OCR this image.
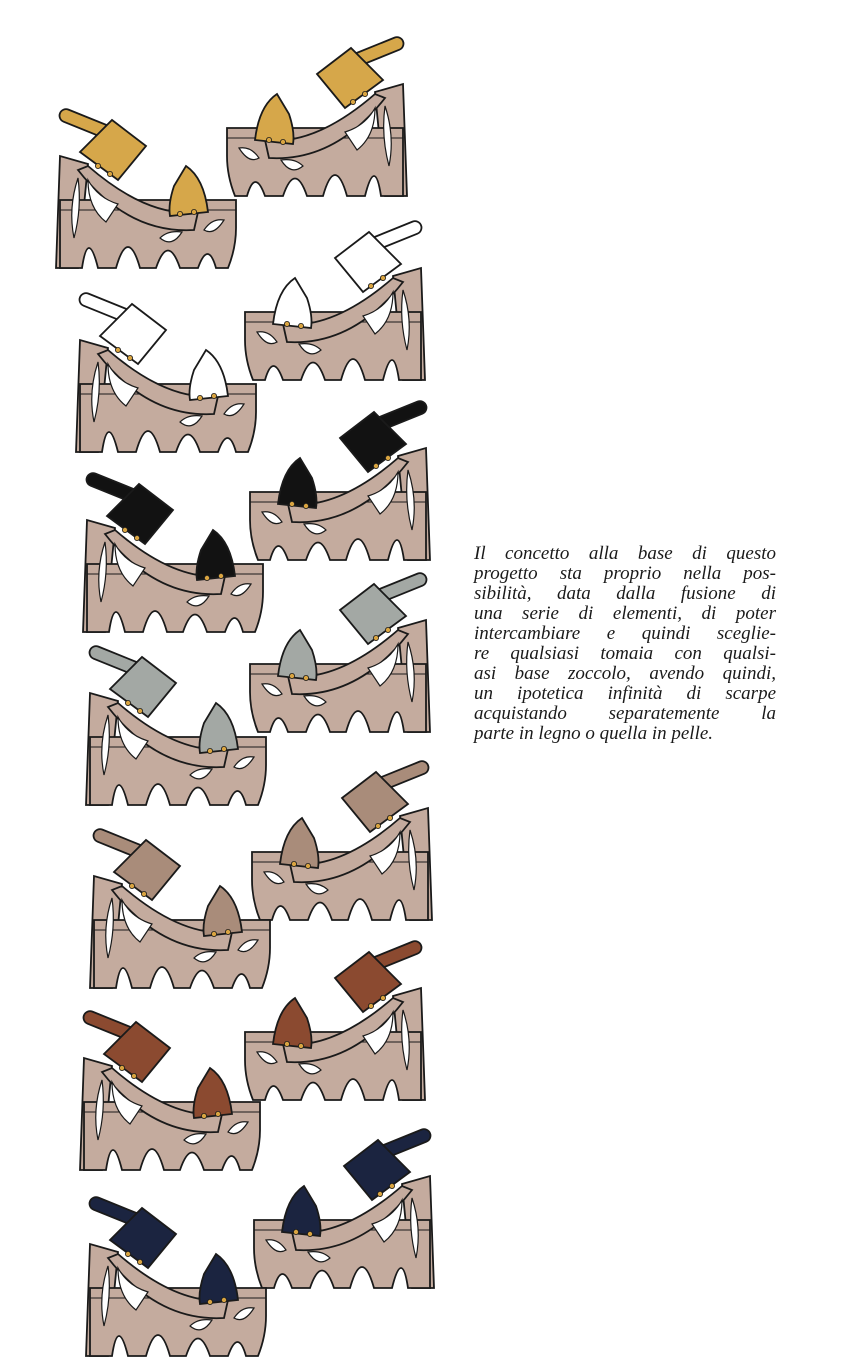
Il concetto alla base di questo
progetto sta proprio nella pos-
sibilità, data dalla fusione di
una serie di elementi, di poter
intercambiare e quindi sceglie-
re qualsiasi tomaia con qualsi-
asi base zoccolo, avendo quindi,
un ipotetica infinità di scarpe
acquistando separatemente la
parte in legno o quella in pelle.
